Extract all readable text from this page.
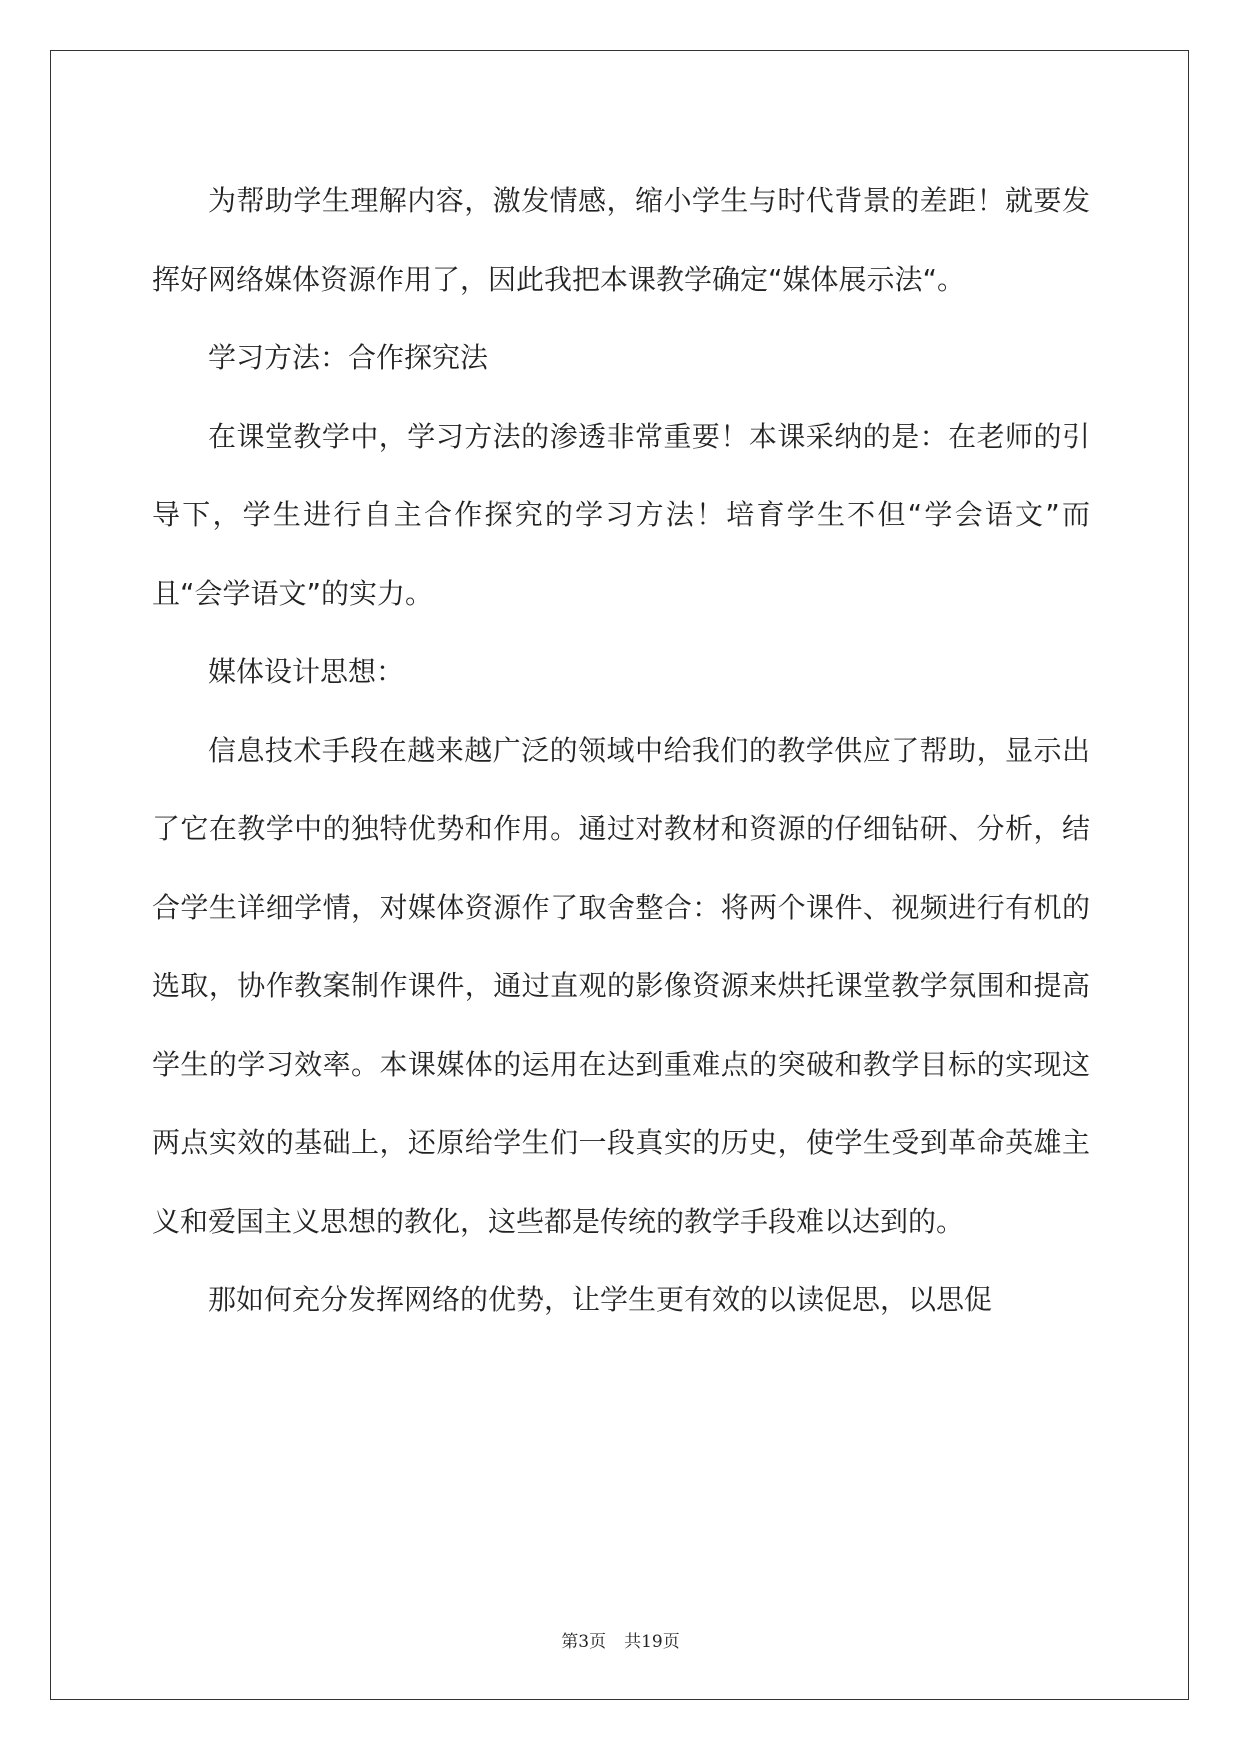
为帮助学生理解内容，激发情感，缩小学生与时代背景的差距！就要发挥好网络媒体资源作用了，因此我把本课教学确定“媒体展示法“。

学习方法：合作探究法

在课堂教学中，学习方法的渗透非常重要！本课采纳的是：在老师的引导下，学生进行自主合作探究的学习方法！培育学生不但“学会语文”而且“会学语文”的实力。

媒体设计思想：

信息技术手段在越来越广泛的领域中给我们的教学供应了帮助，显示出了它在教学中的独特优势和作用。通过对教材和资源的仔细钻研、分析，结合学生详细学情，对媒体资源作了取舍整合：将两个课件、视频进行有机的选取，协作教案制作课件，通过直观的影像资源来烘托课堂教学氛围和提高学生的学习效率。本课媒体的运用在达到重难点的突破和教学目标的实现这两点实效的基础上，还原给学生们一段真实的历史，使学生受到革命英雄主义和爱国主义思想的教化，这些都是传统的教学手段难以达到的。

那如何充分发挥网络的优势，让学生更有效的以读促思，以思促

第3页 共19页
